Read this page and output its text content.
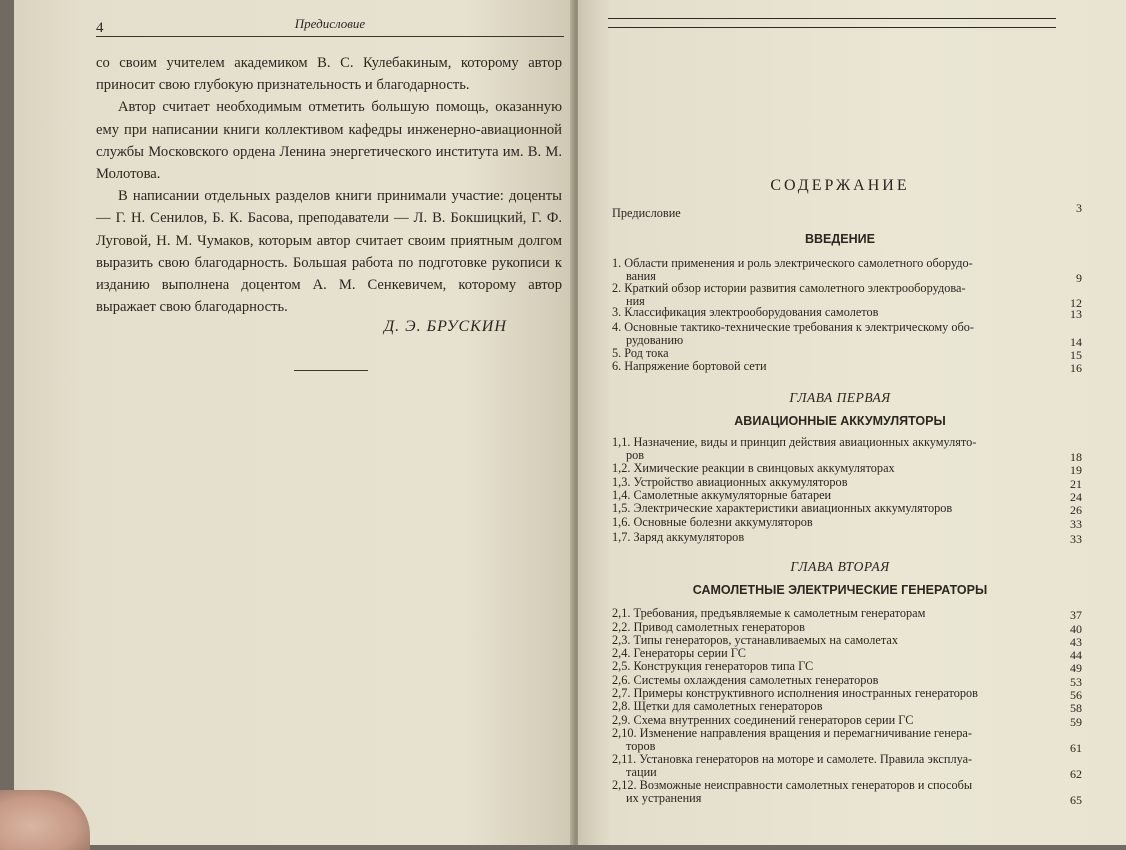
4	Предисловие

со своим учителем академиком В. С. Кулебакиным, которому автор приносит свою глубокую признательность и благодарность.

Автор считает необходимым отметить большую помощь, оказанную ему при написании книги коллективом кафедры инженерно-авиационной службы Московского ордена Ленина энергетического института им. В. М. Молотова.

В написании отдельных разделов книги принимали участие: доценты — Г. Н. Сенилов, Б. К. Басова, преподаватели — Л. В. Бокшицкий, Г. Ф. Луговой, Н. М. Чумаков, которым автор считает своим приятным долгом выразить свою благодарность. Большая работа по подготовке рукописи к изданию выполнена доцентом А. М. Сенкевичем, которому автор выражает свою благодарность.

Д. Э. БРУСКИН
СОДЕРЖАНИЕ
Предисловие	3
ВВЕДЕНИЕ
1. Области применения и роль электрического самолетного оборудо-
вания	9
2. Краткий обзор истории развития самолетного электрооборудова-
ния	12
3. Классификация электрооборудования самолетов	13
4. Основные тактико-технические требования к электрическому обо-
рудованию	14
5. Род тока	15
6. Напряжение бортовой сети	16
ГЛАВА ПЕРВАЯ
АВИАЦИОННЫЕ АККУМУЛЯТОРЫ
1,1. Назначение, виды и принцип действия авиационных аккумулято-
ров	18
1,2. Химические реакции в свинцовых аккумуляторах	19
1,3. Устройство авиационных аккумуляторов	21
1,4. Самолетные аккумуляторные батареи	24
1,5. Электрические характеристики авиационных аккумуляторов	26
1,6. Основные болезни аккумуляторов	33
1,7. Заряд аккумуляторов	33
ГЛАВА ВТОРАЯ
САМОЛЕТНЫЕ ЭЛЕКТРИЧЕСКИЕ ГЕНЕРАТОРЫ
2,1. Требования, предъявляемые к самолетным генераторам	37
2,2. Привод самолетных генераторов	40
2,3. Типы генераторов, устанавливаемых на самолетах	43
2,4. Генераторы серии ГС	44
2,5. Конструкция генераторов типа ГС	49
2,6. Системы охлаждения самолетных генераторов	53
2,7. Примеры конструктивного исполнения иностранных генераторов	56
2,8. Щетки для самолетных генераторов	58
2,9. Схема внутренних соединений генераторов серии ГС	59
2,10. Изменение направления вращения и перемагничивание генера-
торов	61
2,11. Установка генераторов на моторе и самолете. Правила эксплуа-
тации	62
2,12. Возможные неисправности самолетных генераторов и способы
их устранения	65
